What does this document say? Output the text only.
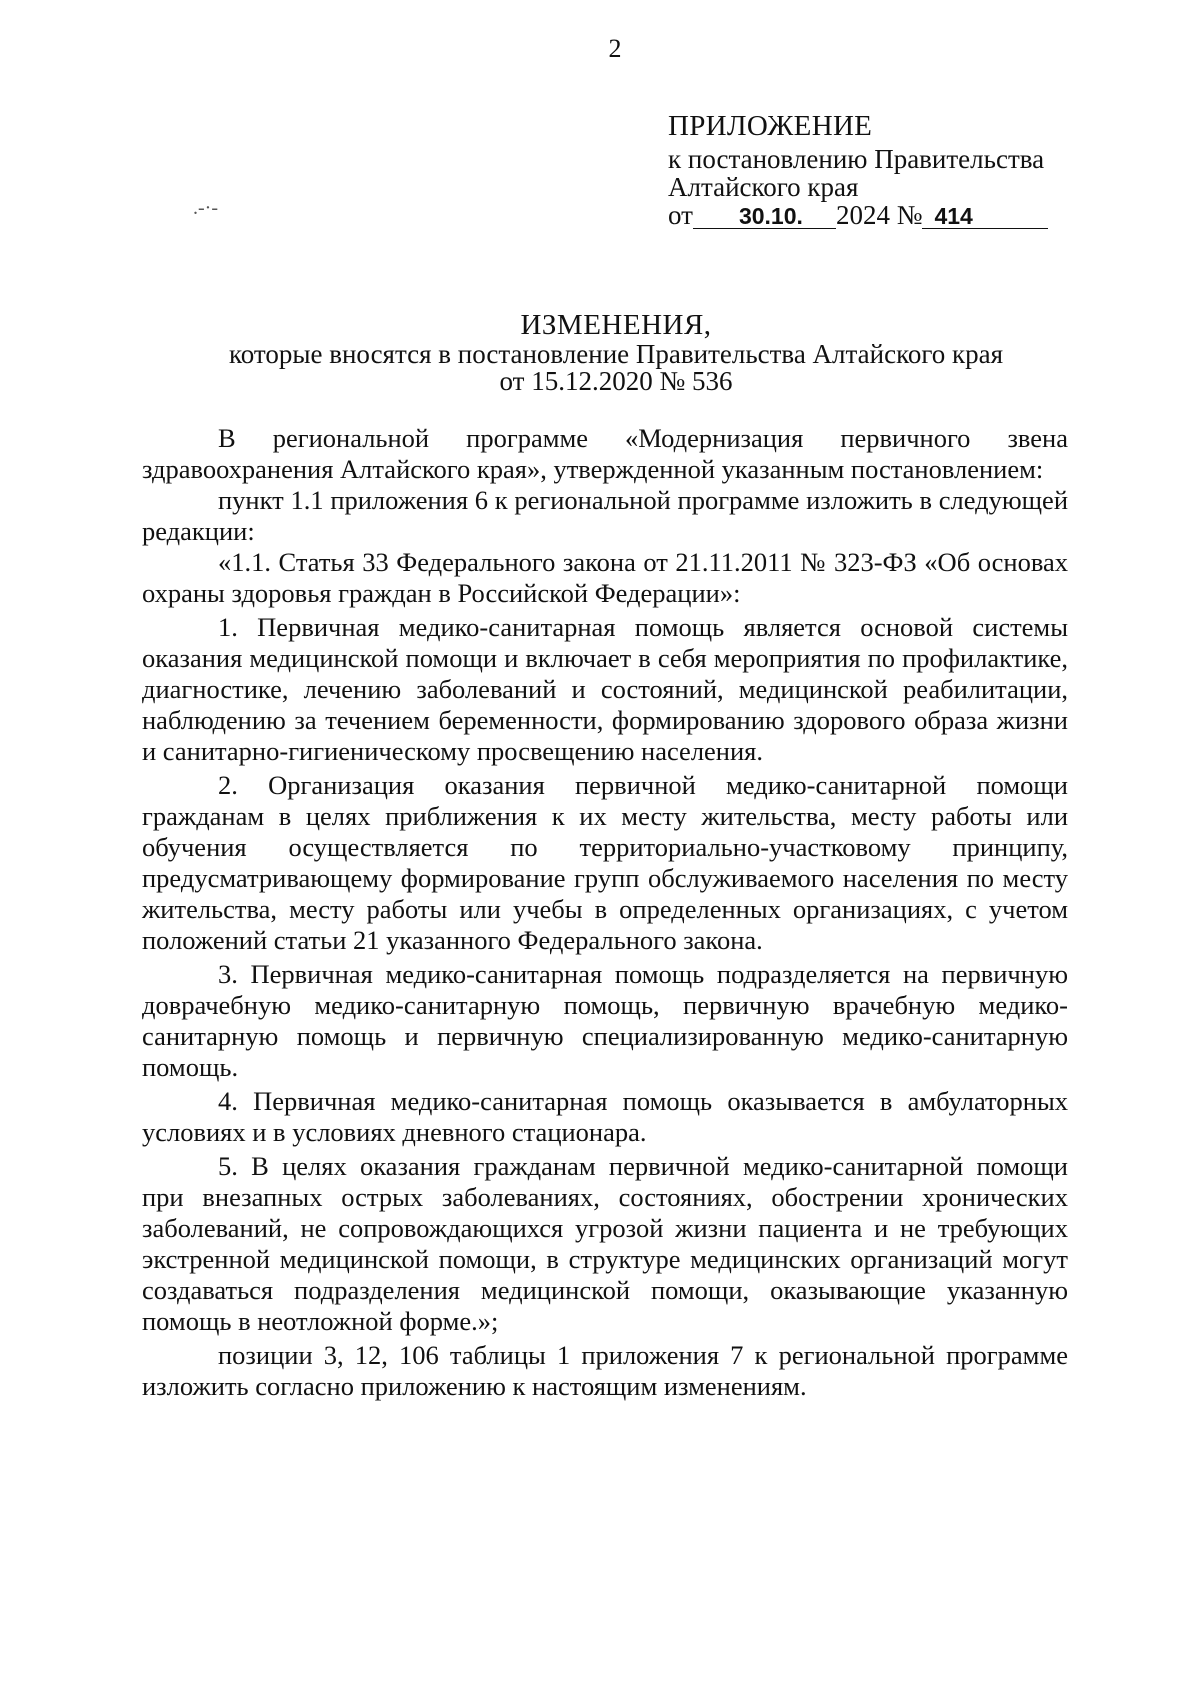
2
ПРИЛОЖЕНИЕ
к постановлению Правительства
Алтайского края
от	30.10.	2024 № 414
.-·-
ИЗМЕНЕНИЯ,
которые вносятся в постановление Правительства Алтайского края
от 15.12.2020 № 536

В региональной программе «Модернизация первичного звена здравоохранения Алтайского края», утвержденной указанным постановлением:

пункт 1.1 приложения 6 к региональной программе изложить в следующей редакции:

«1.1. Статья 33 Федерального закона от 21.11.2011 № 323-ФЗ «Об основах охраны здоровья граждан в Российской Федерации»:

1. Первичная медико-санитарная помощь является основой системы оказания медицинской помощи и включает в себя мероприятия по профилактике, диагностике, лечению заболеваний и состояний, медицинской реабилитации, наблюдению за течением беременности, формированию здорового образа жизни и санитарно-гигиеническому просвещению населения.

2. Организация оказания первичной медико-санитарной помощи гражданам в целях приближения к их месту жительства, месту работы или обучения осуществляется по территориально-участковому принципу, предусматривающему формирование групп обслуживаемого населения по месту жительства, месту работы или учебы в определенных организациях, с учетом положений статьи 21 указанного Федерального закона.

3. Первичная медико-санитарная помощь подразделяется на первичную доврачебную медико-санитарную помощь, первичную врачебную медико-санитарную помощь и первичную специализированную медико-санитарную помощь.

4. Первичная медико-санитарная помощь оказывается в амбулаторных условиях и в условиях дневного стационара.

5. В целях оказания гражданам первичной медико-санитарной помощи при внезапных острых заболеваниях, состояниях, обострении хронических заболеваний, не сопровождающихся угрозой жизни пациента и не требующих экстренной медицинской помощи, в структуре медицинских организаций могут создаваться подразделения медицинской помощи, оказывающие указанную помощь в неотложной форме.»;

позиции 3, 12, 106 таблицы 1 приложения 7 к региональной программе изложить согласно приложению к настоящим изменениям.
